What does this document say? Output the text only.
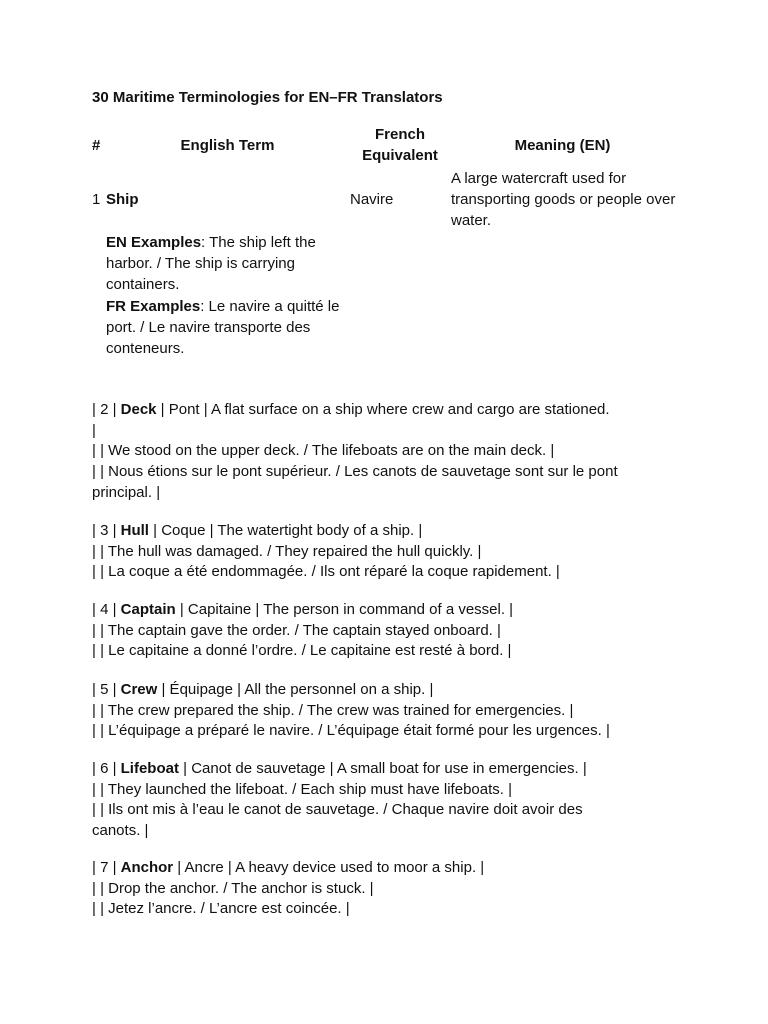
30 Maritime Terminologies for EN–FR Translators
#	English Term
French Equivalent
Meaning (EN)
1 Ship	Navire
A large watercraft used for transporting goods or people over water.
EN Examples: The ship left the harbor. / The ship is carrying containers.
FR Examples: Le navire a quitté le port. / Le navire transporte des conteneurs.
| 2 | Deck | Pont | A flat surface on a ship where crew and cargo are stationed.
|
| | We stood on the upper deck. / The lifeboats are on the main deck. |
| | Nous étions sur le pont supérieur. / Les canots de sauvetage sont sur le pont
principal. |
| 3 | Hull | Coque | The watertight body of a ship. |
| | The hull was damaged. / They repaired the hull quickly. |
| | La coque a été endommagée. / Ils ont réparé la coque rapidement. |
| 4 | Captain | Capitaine | The person in command of a vessel. |
| | The captain gave the order. / The captain stayed onboard. |
| | Le capitaine a donné l’ordre. / Le capitaine est resté à bord. |
| 5 | Crew | Équipage | All the personnel on a ship. |
| | The crew prepared the ship. / The crew was trained for emergencies. |
| | L’équipage a préparé le navire. / L’équipage était formé pour les urgences. |
| 6 | Lifeboat | Canot de sauvetage | A small boat for use in emergencies. |
| | They launched the lifeboat. / Each ship must have lifeboats. |
| | Ils ont mis à l’eau le canot de sauvetage. / Chaque navire doit avoir des
canots. |
| 7 | Anchor | Ancre | A heavy device used to moor a ship. |
| | Drop the anchor. / The anchor is stuck. |
| | Jetez l’ancre. / L’ancre est coincée. |
